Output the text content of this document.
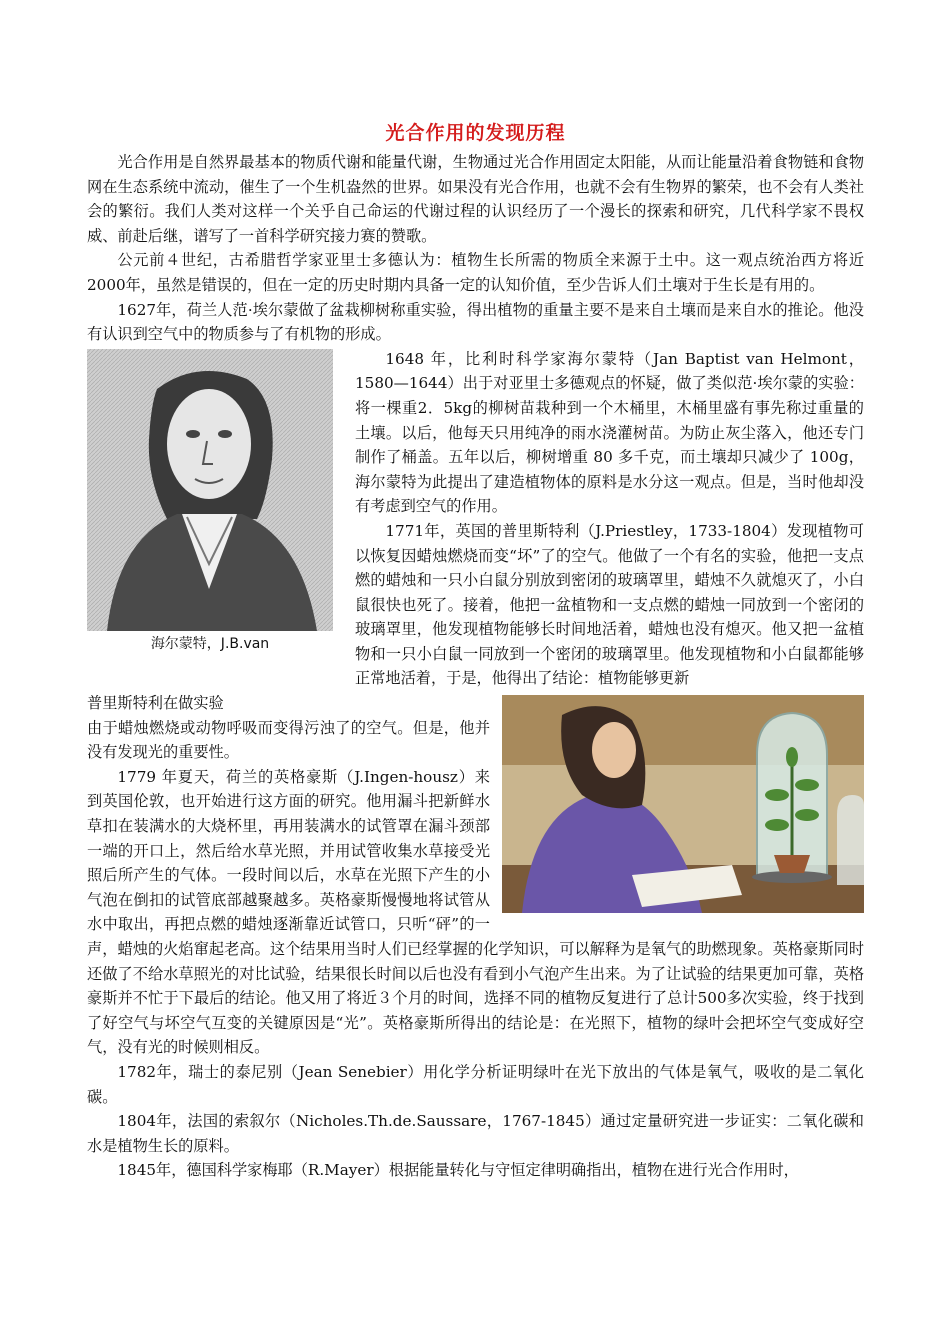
光合作用的发现历程

光合作用是自然界最基本的物质代谢和能量代谢，生物通过光合作用固定太阳能，从而让能量沿着食物链和食物网在生态系统中流动，催生了一个生机盎然的世界。如果没有光合作用，也就不会有生物界的繁荣，也不会有人类社会的繁衍。我们人类对这样一个关乎自己命运的代谢过程的认识经历了一个漫长的探索和研究，几代科学家不畏权威、前赴后继，谱写了一首科学研究接力赛的赞歌。

公元前４世纪，古希腊哲学家亚里士多德认为：植物生长所需的物质全来源于土中。这一观点统治西方将近2000年，虽然是错误的，但在一定的历史时期内具备一定的认知价值，至少告诉人们土壤对于生长是有用的。

1627年，荷兰人范·埃尔蒙做了盆栽柳树称重实验，得出植物的重量主要不是来自土壤而是来自水的推论。他没有认识到空气中的物质参与了有机物的形成。

海尔蒙特，J.B.van

1648 年，比利时科学家海尔蒙特（Jan Baptist van Helmont，1580—1644）出于对亚里士多德观点的怀疑，做了类似范·埃尔蒙的实验：将一棵重2．5kg的柳树苗栽种到一个木桶里，木桶里盛有事先称过重量的土壤。以后，他每天只用纯净的雨水浇灌树苗。为防止灰尘落入，他还专门制作了桶盖。五年以后，柳树增重 80 多千克，而土壤却只减少了 100g，海尔蒙特为此提出了建造植物体的原料是水分这一观点。但是，当时他却没有考虑到空气的作用。

1771年，英国的普里斯特利（J.Priestley，1733-1804）发现植物可以恢复因蜡烛燃烧而变“坏”了的空气。他做了一个有名的实验，他把一支点燃的蜡烛和一只小白鼠分别放到密闭的玻璃罩里，蜡烛不久就熄灭了，小白鼠很快也死了。接着，他把一盆植物和一支点燃的蜡烛一同放到一个密闭的玻璃罩里，他发现植物能够长时间地活着，蜡烛也没有熄灭。他又把一盆植物和一只小白鼠一同放到一个密闭的玻璃罩里。他发现植物和小白鼠都能够正常地活着，于是，他得出了结论：植物能够更新

普里斯特利在做实验

由于蜡烛燃烧或动物呼吸而变得污浊了的空气。但是，他并没有发现光的重要性。

1779 年夏天，荷兰的英格豪斯（J.Ingen-housz）来到英国伦敦，也开始进行这方面的研究。他用漏斗把新鲜水草扣在装满水的大烧杯里，再用装满水的试管罩在漏斗颈部一端的开口上，然后给水草光照，并用试管收集水草接受光照后所产生的气体。一段时间以后，水草在光照下产生的小气泡在倒扣的试管底部越聚越多。英格豪斯慢慢地将试管从水中取出，再把点燃的蜡烛逐渐靠近试管口，只听“砰”的一声，蜡烛的火焰窜起老高。这个结果用当时人们已经掌握的化学知识，可以解释为是氧气的助燃现象。英格豪斯同时还做了不给水草照光的对比试验，结果很长时间以后也没有看到小气泡产生出来。为了让试验的结果更加可靠，英格豪斯并不忙于下最后的结论。他又用了将近３个月的时间，选择不同的植物反复进行了总计500多次实验，终于找到了好空气与坏空气互变的关键原因是“光”。英格豪斯所得出的结论是：在光照下，植物的绿叶会把坏空气变成好空气，没有光的时候则相反。

1782年，瑞士的泰尼别（Jean Senebier）用化学分析证明绿叶在光下放出的气体是氧气，吸收的是二氧化碳。

1804年，法国的索叙尔（Nicholes.Th.de.Saussare，1767-1845）通过定量研究进一步证实：二氧化碳和水是植物生长的原料。

1845年，德国科学家梅耶（R.Mayer）根据能量转化与守恒定律明确指出，植物在进行光合作用时，
